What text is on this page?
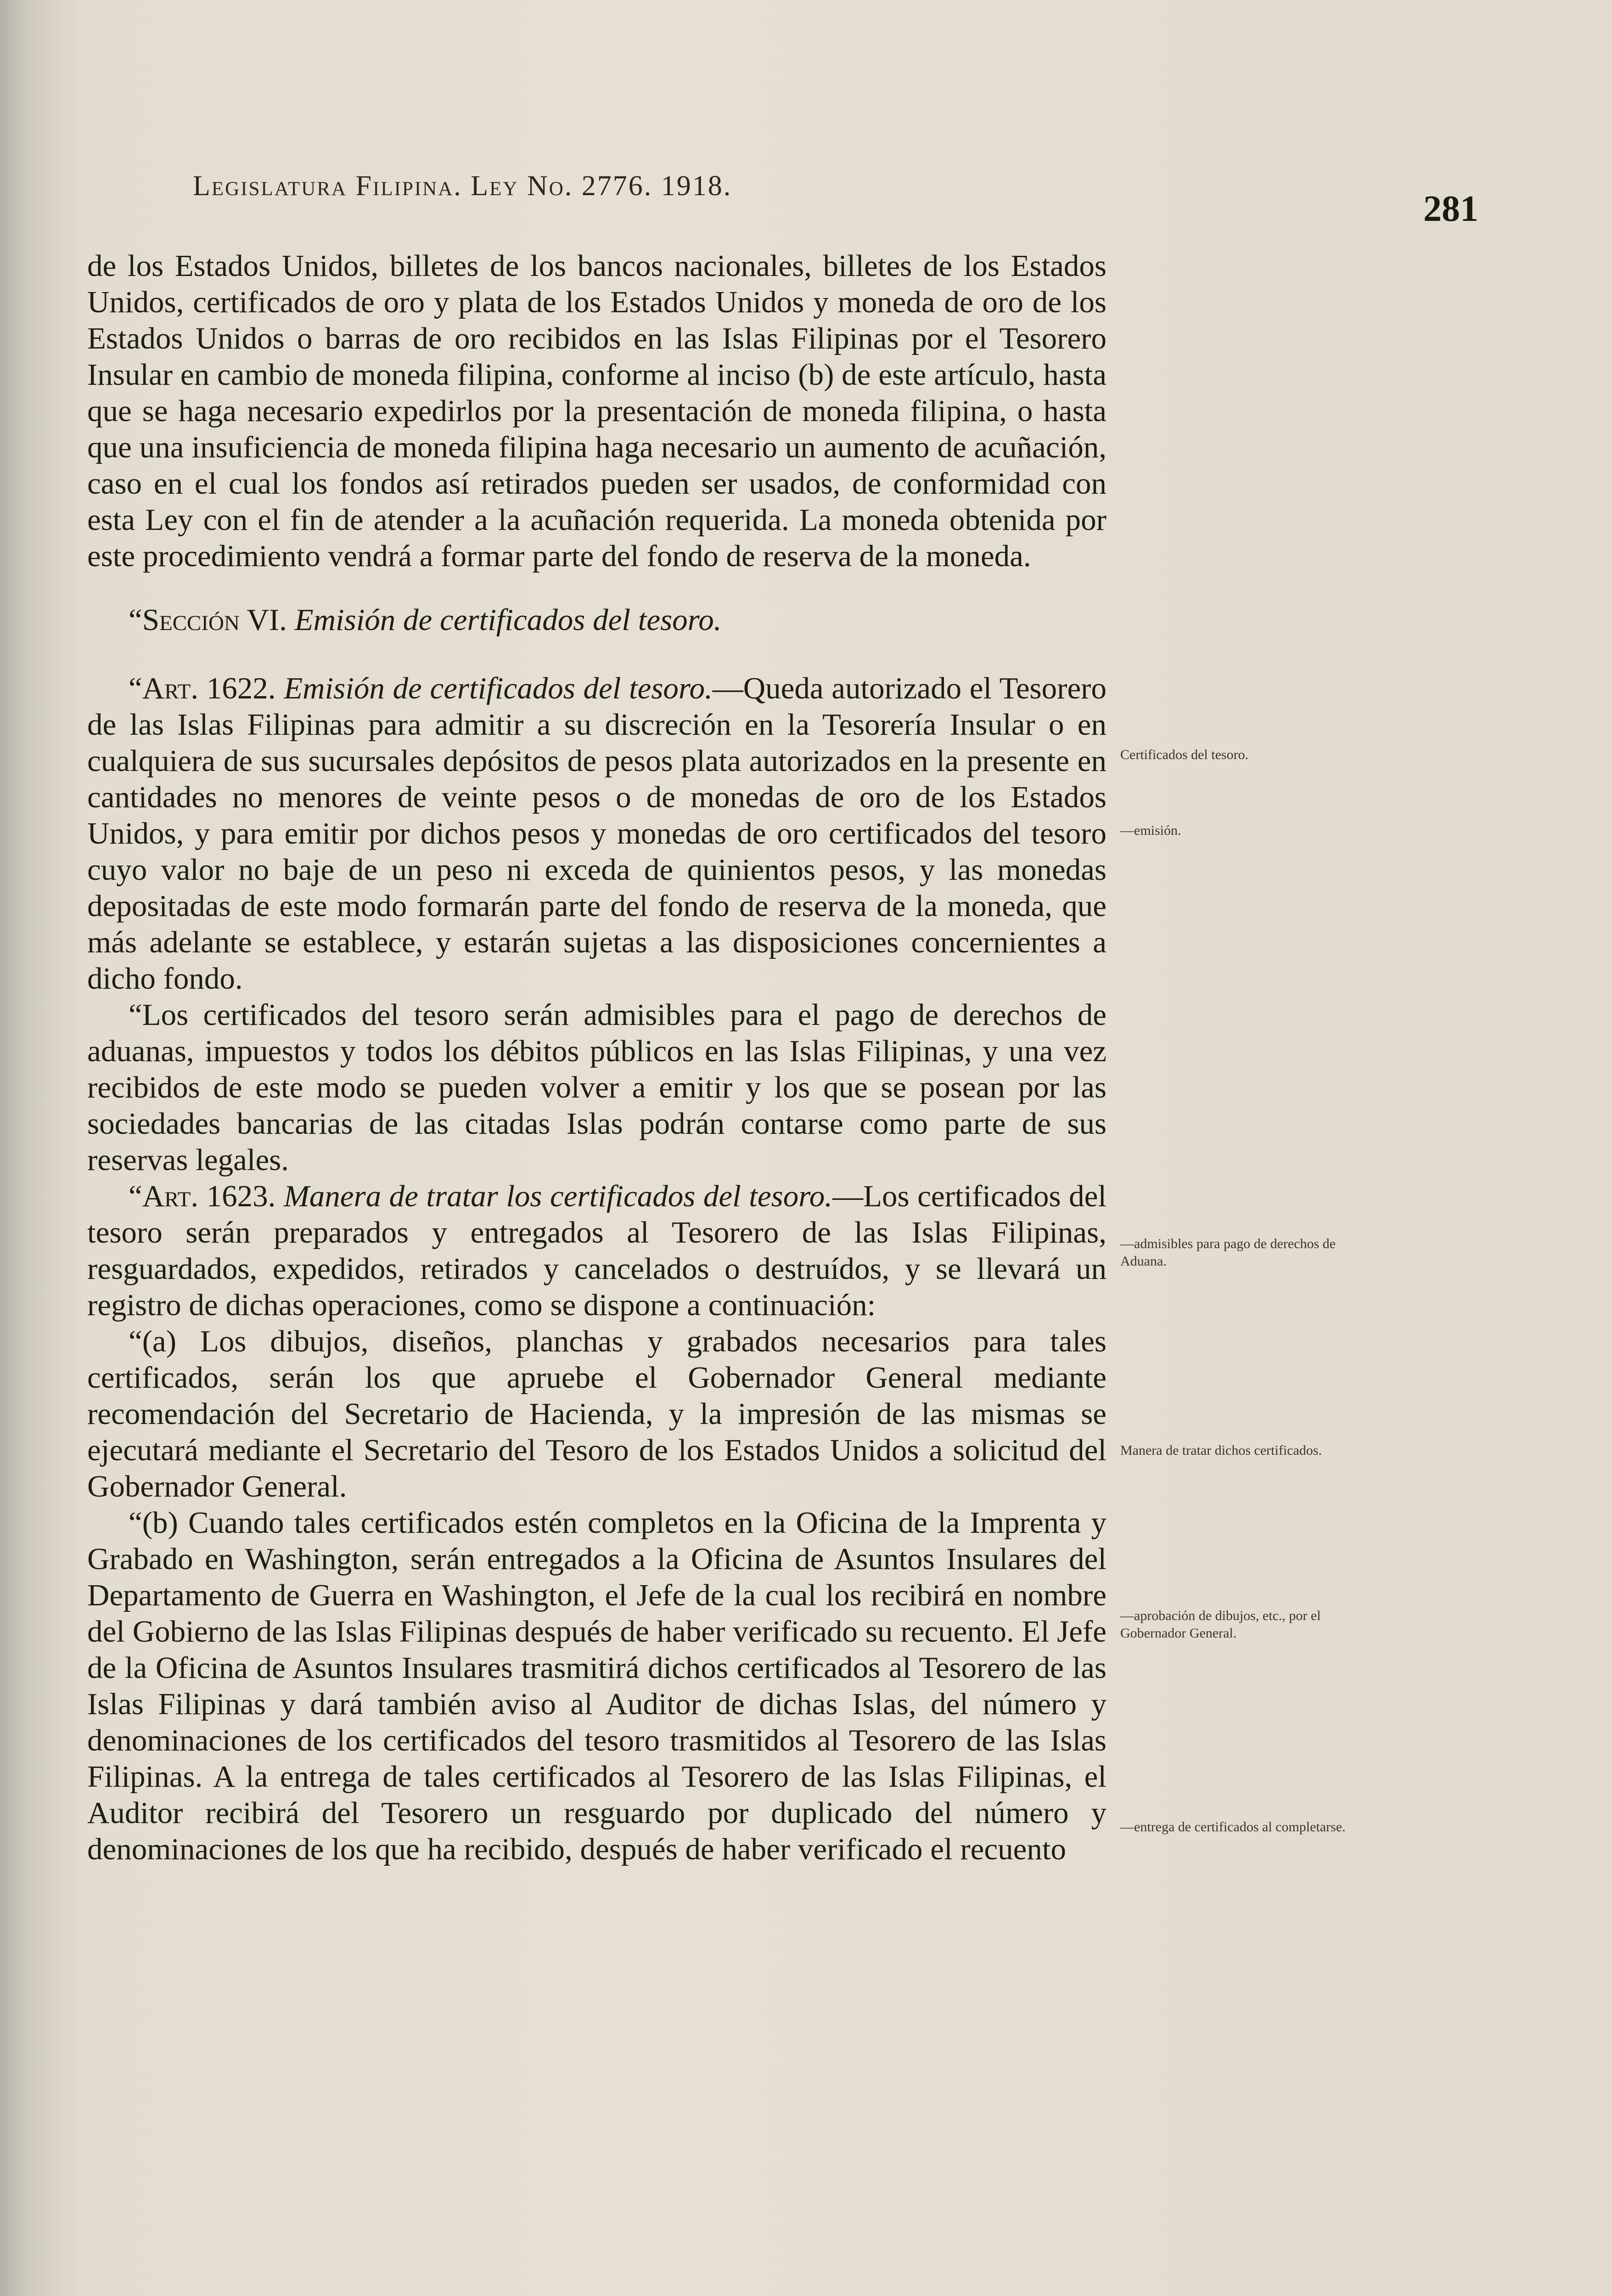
Legislatura Filipina. Ley No. 2776. 1918.
281

de los Estados Unidos, billetes de los bancos nacionales, billetes de los Estados Unidos, certificados de oro y plata de los Estados Unidos y moneda de oro de los Estados Unidos o barras de oro recibidos en las Islas Filipinas por el Tesorero Insular en cambio de moneda filipina, conforme al inciso (b) de este artículo, hasta que se haga necesario expedirlos por la presentación de moneda filipina, o hasta que una insuficiencia de moneda filipina haga necesario un aumento de acuñación, caso en el cual los fondos así retirados pueden ser usados, de conformidad con esta Ley con el fin de atender a la acuñación requerida. La moneda obtenida por este procedimiento vendrá a formar parte del fondo de reserva de la moneda.

“Sección VI. Emisión de certificados del tesoro.

“Art. 1622. Emisión de certificados del tesoro.—Queda autorizado el Tesorero de las Islas Filipinas para admitir a su discreción en la Tesorería Insular o en cualquiera de sus sucursales depósitos de pesos plata autorizados en la presente en cantidades no menores de veinte pesos o de monedas de oro de los Estados Unidos, y para emitir por dichos pesos y monedas de oro certificados del tesoro cuyo valor no baje de un peso ni exceda de quinientos pesos, y las monedas depositadas de este modo formarán parte del fondo de reserva de la moneda, que más adelante se establece, y estarán sujetas a las disposiciones concernientes a dicho fondo.

“Los certificados del tesoro serán admisibles para el pago de derechos de aduanas, impuestos y todos los débitos públicos en las Islas Filipinas, y una vez recibidos de este modo se pueden volver a emitir y los que se posean por las sociedades bancarias de las citadas Islas podrán contarse como parte de sus reservas legales.

“Art. 1623. Manera de tratar los certificados del tesoro.—Los certificados del tesoro serán preparados y entregados al Tesorero de las Islas Filipinas, resguardados, expedidos, retirados y cancelados o destruídos, y se llevará un registro de dichas operaciones, como se dispone a continuación:

“(a) Los dibujos, diseños, planchas y grabados necesarios para tales certificados, serán los que apruebe el Gobernador General mediante recomendación del Secretario de Hacienda, y la impresión de las mismas se ejecutará mediante el Secretario del Tesoro de los Estados Unidos a solicitud del Gobernador General.

“(b) Cuando tales certificados estén completos en la Oficina de la Imprenta y Grabado en Washington, serán entregados a la Oficina de Asuntos Insulares del Departamento de Guerra en Washington, el Jefe de la cual los recibirá en nombre del Gobierno de las Islas Filipinas después de haber verificado su recuento. El Jefe de la Oficina de Asuntos Insulares trasmitirá dichos certificados al Tesorero de las Islas Filipinas y dará también aviso al Auditor de dichas Islas, del número y denominaciones de los certificados del tesoro trasmitidos al Tesorero de las Islas Filipinas. A la entrega de tales certificados al Tesorero de las Islas Filipinas, el Auditor recibirá del Tesorero un resguardo por duplicado del número y denominaciones de los que ha recibido, después de haber verificado el recuento

Certificados del tesoro.
—emisión.
—admisibles para pago de derechos de Aduana.
Manera de tratar dichos certificados.
—aprobación de dibujos, etc., por el Gobernador General.
—entrega de certificados al completarse.
